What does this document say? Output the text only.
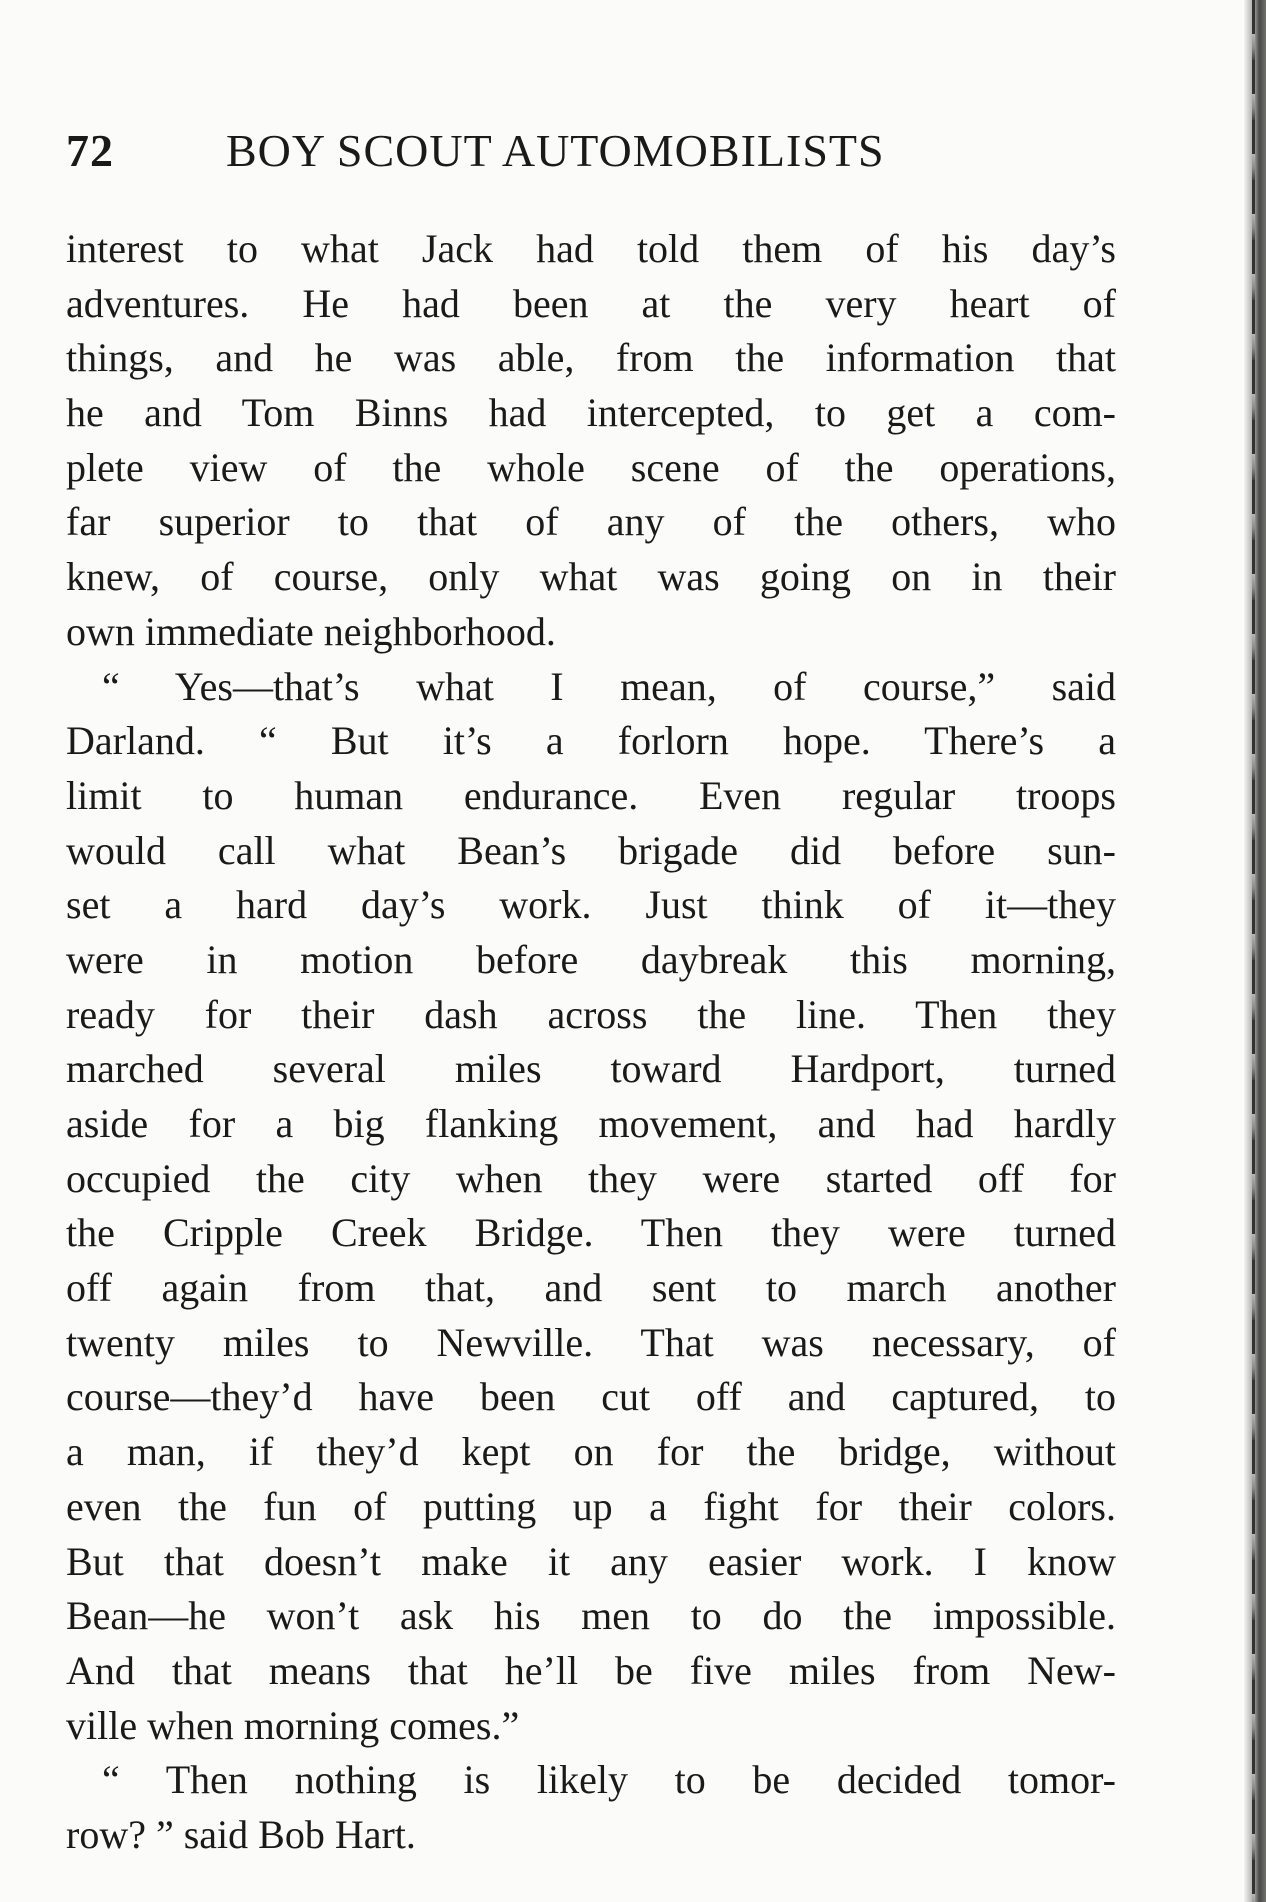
72 BOY SCOUT AUTOMOBILISTS
interest to what Jack had told them of his day’s
adventures. He had been at the very heart of
things, and he was able, from the information that
he and Tom Binns had intercepted, to get a com-
plete view of the whole scene of the operations,
far superior to that of any of the others, who
knew, of course, only what was going on in their
own immediate neighborhood.
“ Yes—that’s what I mean, of course,” said
Darland. “ But it’s a forlorn hope. There’s a
limit to human endurance. Even regular troops
would call what Bean’s brigade did before sun-
set a hard day’s work. Just think of it—they
were in motion before daybreak this morning,
ready for their dash across the line. Then they
marched several miles toward Hardport, turned
aside for a big flanking movement, and had hardly
occupied the city when they were started off for
the Cripple Creek Bridge. Then they were turned
off again from that, and sent to march another
twenty miles to Newville. That was necessary, of
course—they’d have been cut off and captured, to
a man, if they’d kept on for the bridge, without
even the fun of putting up a fight for their colors.
But that doesn’t make it any easier work. I know
Bean—he won’t ask his men to do the impossible.
And that means that he’ll be five miles from New-
ville when morning comes.”
“ Then nothing is likely to be decided tomor-
row? ” said Bob Hart.
